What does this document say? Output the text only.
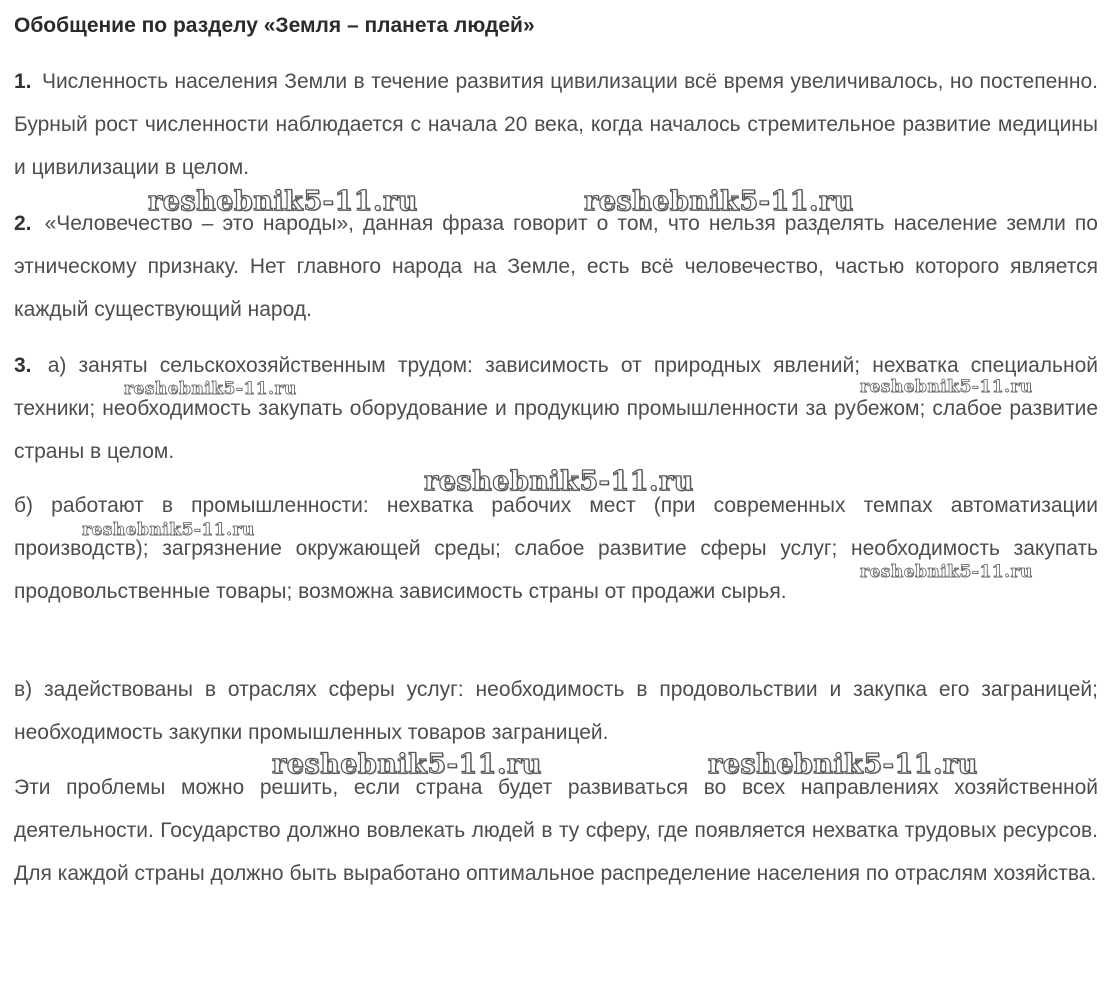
Обобщение по разделу «Земля – планета людей»
1. Численность населения Земли в течение развития цивилизации всё время увеличивалось, но постепенно. Бурный рост численности наблюдается с начала 20 века, когда началось стремительное развитие медицины и цивилизации в целом.
2. «Человечество – это народы», данная фраза говорит о том, что нельзя разделять население земли по этническому признаку. Нет главного народа на Земле, есть всё человечество, частью которого является каждый существующий народ.
3. а) заняты сельскохозяйственным трудом: зависимость от природных явлений; нехватка специальной техники; необходимость закупать оборудование и продукцию промышленности за рубежом; слабое развитие страны в целом.
б) работают в промышленности: нехватка рабочих мест (при современных темпах автоматизации производств); загрязнение окружающей среды; слабое развитие сферы услуг; необходимость закупать продовольственные товары; возможна зависимость страны от продажи сырья.
в) задействованы в отраслях сферы услуг: необходимость в продовольствии и закупка его заграницей; необходимость закупки промышленных товаров заграницей.
Эти проблемы можно решить, если страна будет развиваться во всех направлениях хозяйственной деятельности. Государство должно вовлекать людей в ту сферу, где появляется нехватка трудовых ресурсов. Для каждой страны должно быть выработано оптимальное распределение населения по отраслям хозяйства.
reshebnik5-11.ru	reshebnik5-11.ru
reshebnik5-11.ru	reshebnik5-11.ru
reshebnik5-11.ru
reshebnik5-11.ru
reshebnik5-11.ru
reshebnik5-11.ru	reshebnik5-11.ru
